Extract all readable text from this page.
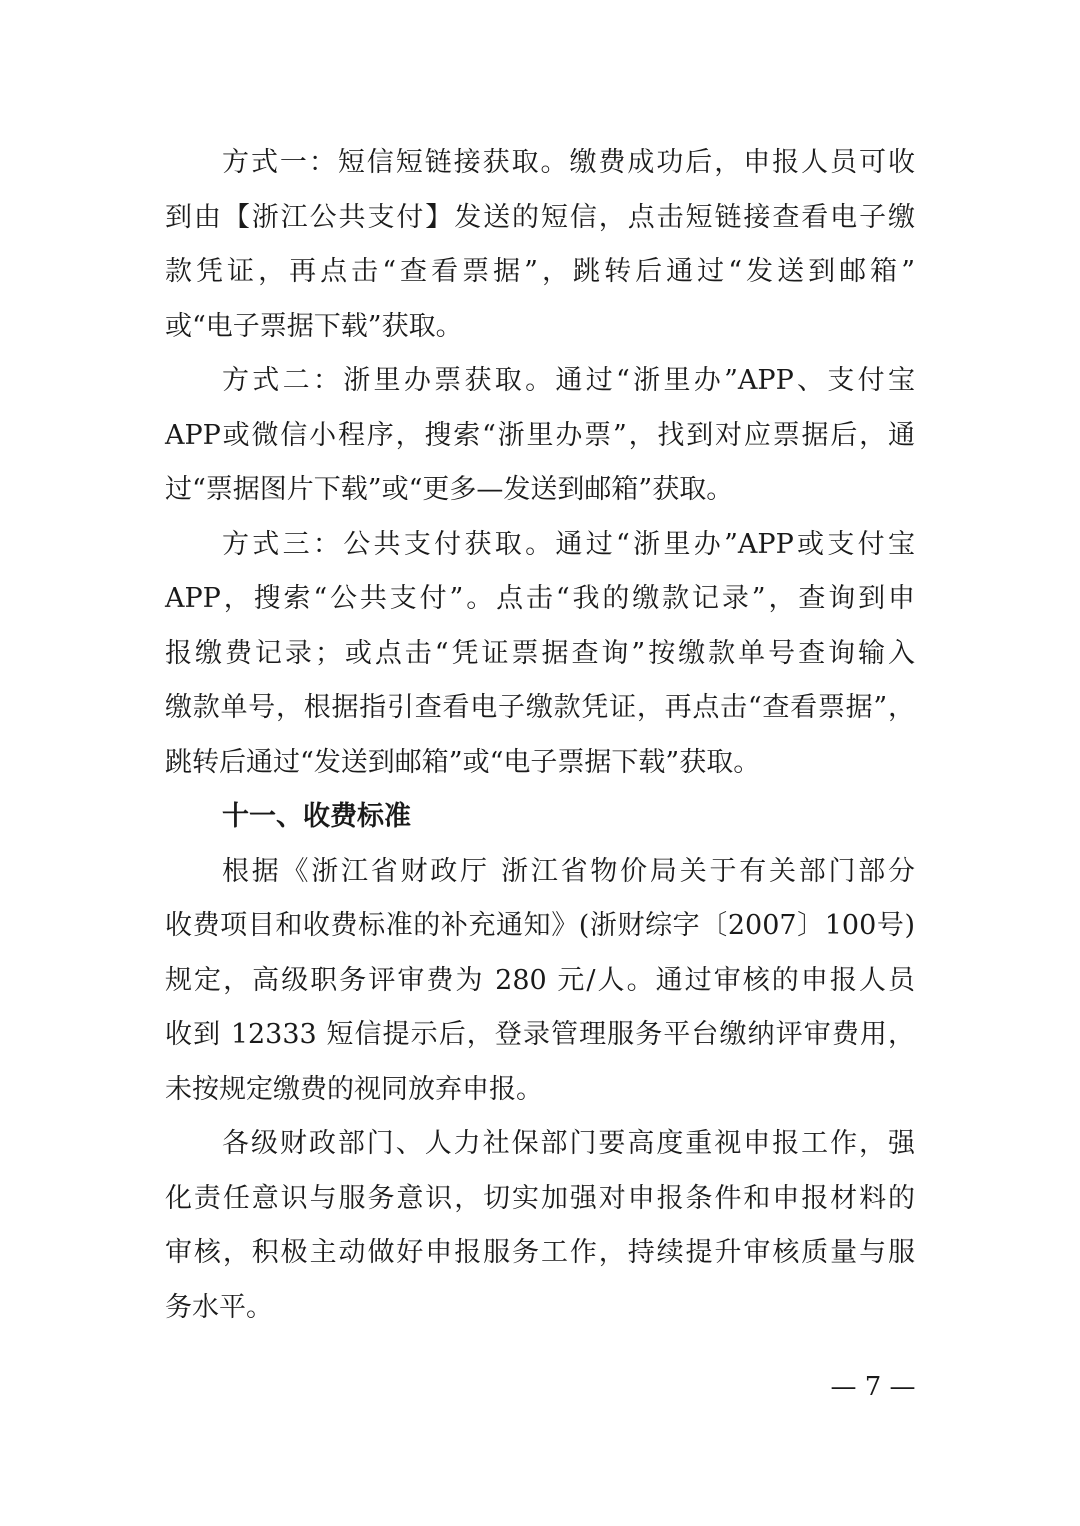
方式一：短信短链接获取。缴费成功后，申报人员可收
到由【浙江公共支付】发送的短信，点击短链接查看电子缴
款凭证，再点击“查看票据”，跳转后通过“发送到邮箱”
或“电子票据下载”获取。
方式二：浙里办票获取。通过“浙里办”APP、支付宝
APP或微信小程序，搜索“浙里办票”，找到对应票据后，通
过“票据图片下载”或“更多—发送到邮箱”获取。
方式三：公共支付获取。通过“浙里办”APP或支付宝
APP，搜索“公共支付”。点击“我的缴款记录”，查询到申
报缴费记录；或点击“凭证票据查询”按缴款单号查询输入
缴款单号，根据指引查看电子缴款凭证，再点击“查看票据”，
跳转后通过“发送到邮箱”或“电子票据下载”获取。
十一、收费标准
根据《浙江省财政厅 浙江省物价局关于有关部门部分
收费项目和收费标准的补充通知》(浙财综字〔2007〕100号)
规定，高级职务评审费为 280 元/人。通过审核的申报人员
收到 12333 短信提示后，登录管理服务平台缴纳评审费用，
未按规定缴费的视同放弃申报。
各级财政部门、人力社保部门要高度重视申报工作，强
化责任意识与服务意识，切实加强对申报条件和申报材料的
审核，积极主动做好申报服务工作，持续提升审核质量与服
务水平。
— 7 —
